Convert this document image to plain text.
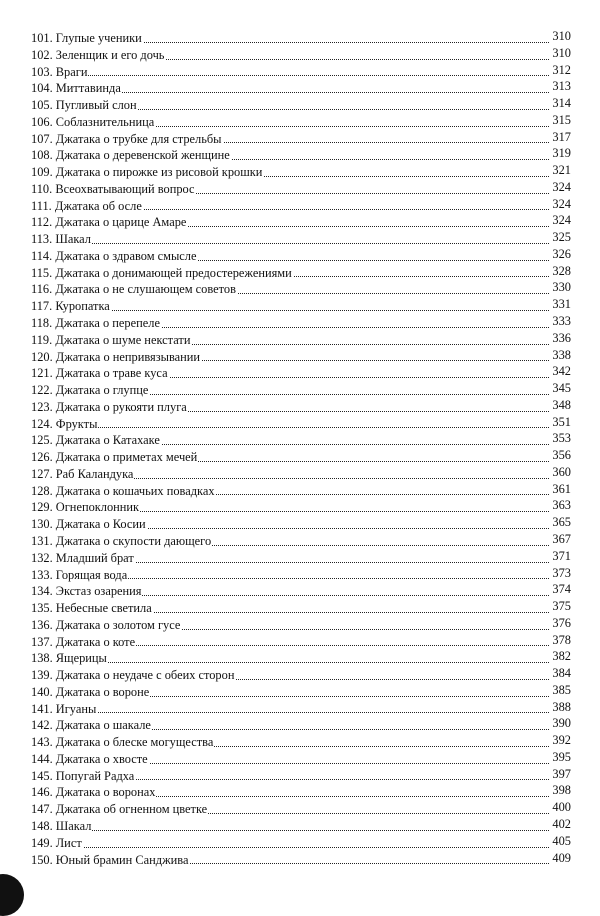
101. Глупые ученики	310
102. Зеленщик и его дочь	310
103. Враги	312
104. Миттавинда	313
105. Пугливый слон	314
106. Соблазнительница	315
107. Джатака о трубке для стрельбы	317
108. Джатака о деревенской женщине	319
109. Джатака о пирожке из рисовой крошки	321
110. Всеохватывающий вопрос	324
111. Джатака об осле	324
112. Джатака о царице Амаре	324
113. Шакал	325
114. Джатака о здравом смысле	326
115. Джатака о донимающей предостережениями	328
116. Джатака о не слушающем советов	330
117. Куропатка	331
118. Джатака о перепеле	333
119. Джатака о шуме некстати	336
120. Джатака о непривязывании	338
121. Джатака о траве куса	342
122. Джатака о глупце	345
123. Джатака о рукояти плуга	348
124. Фрукты	351
125. Джатака о Катахаке	353
126. Джатака о приметах мечей	356
127. Раб Каландука	360
128. Джатака о кошачьих повадках	361
129. Огнепоклонник	363
130. Джатака о Косии	365
131. Джатака о скупости дающего	367
132. Младший брат	371
133. Горящая вода	373
134. Экстаз озарения	374
135. Небесные светила	375
136. Джатака о золотом гусе	376
137. Джатака о коте	378
138. Ящерицы	382
139. Джатака о неудаче с обеих сторон	384
140. Джатака о вороне	385
141. Игуаны	388
142. Джатака о шакале	390
143. Джатака о блеске могущества	392
144. Джатака о хвосте	395
145. Попугай Радха	397
146. Джатака о воронах	398
147. Джатака об огненном цветке	400
148. Шакал	402
149. Лист	405
150. Юный брамин Санджива	409
